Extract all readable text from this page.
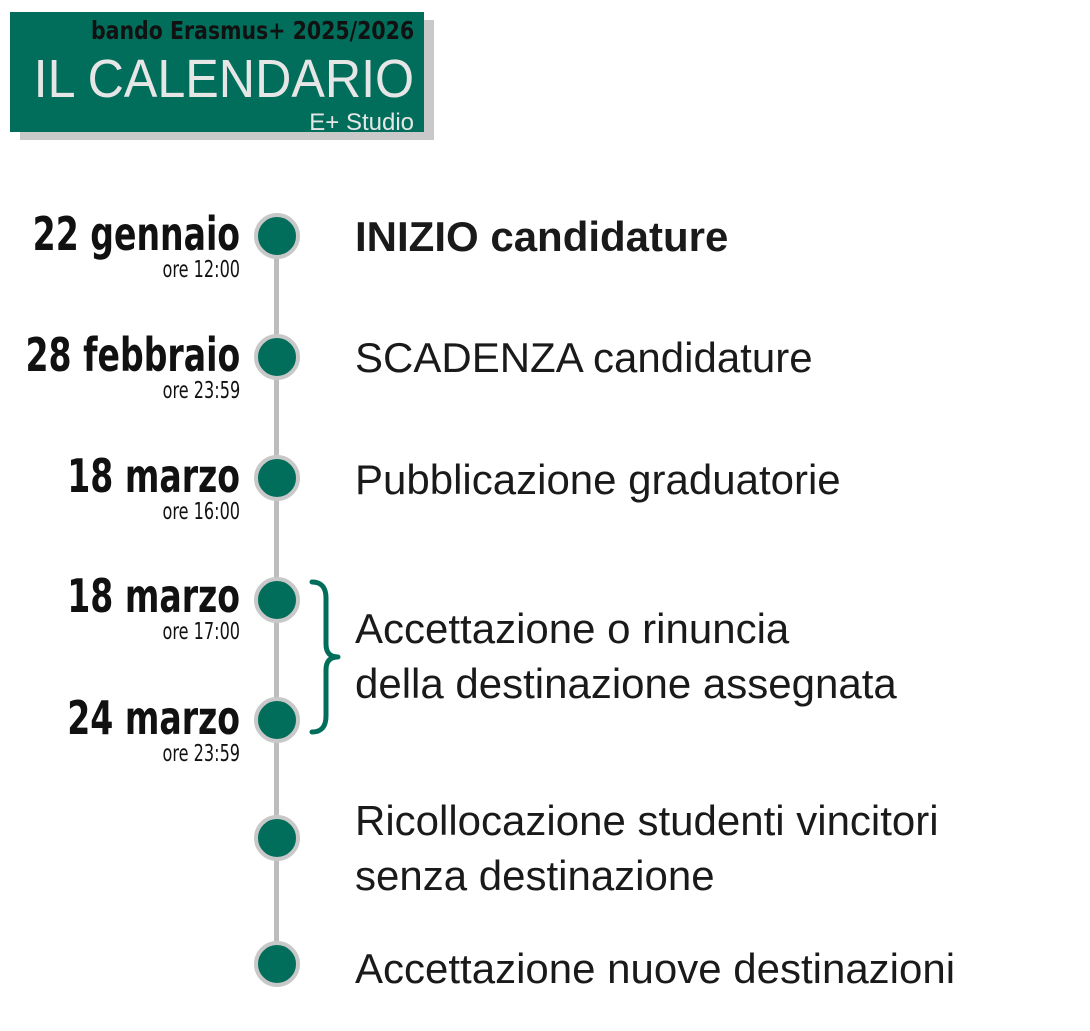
bando Erasmus+ 2025/2026
IL CALENDARIO
E+ Studio
22 gennaio
ore 12:00
28 febbraio
ore 23:59
18 marzo
ore 16:00
18 marzo
ore 17:00
24 marzo
ore 23:59
INIZIO candidature
SCADENZA candidature
Pubblicazione graduatorie
Accettazione o rinuncia
della destinazione assegnata
Ricollocazione studenti vincitori
senza destinazione
Accettazione nuove destinazioni
